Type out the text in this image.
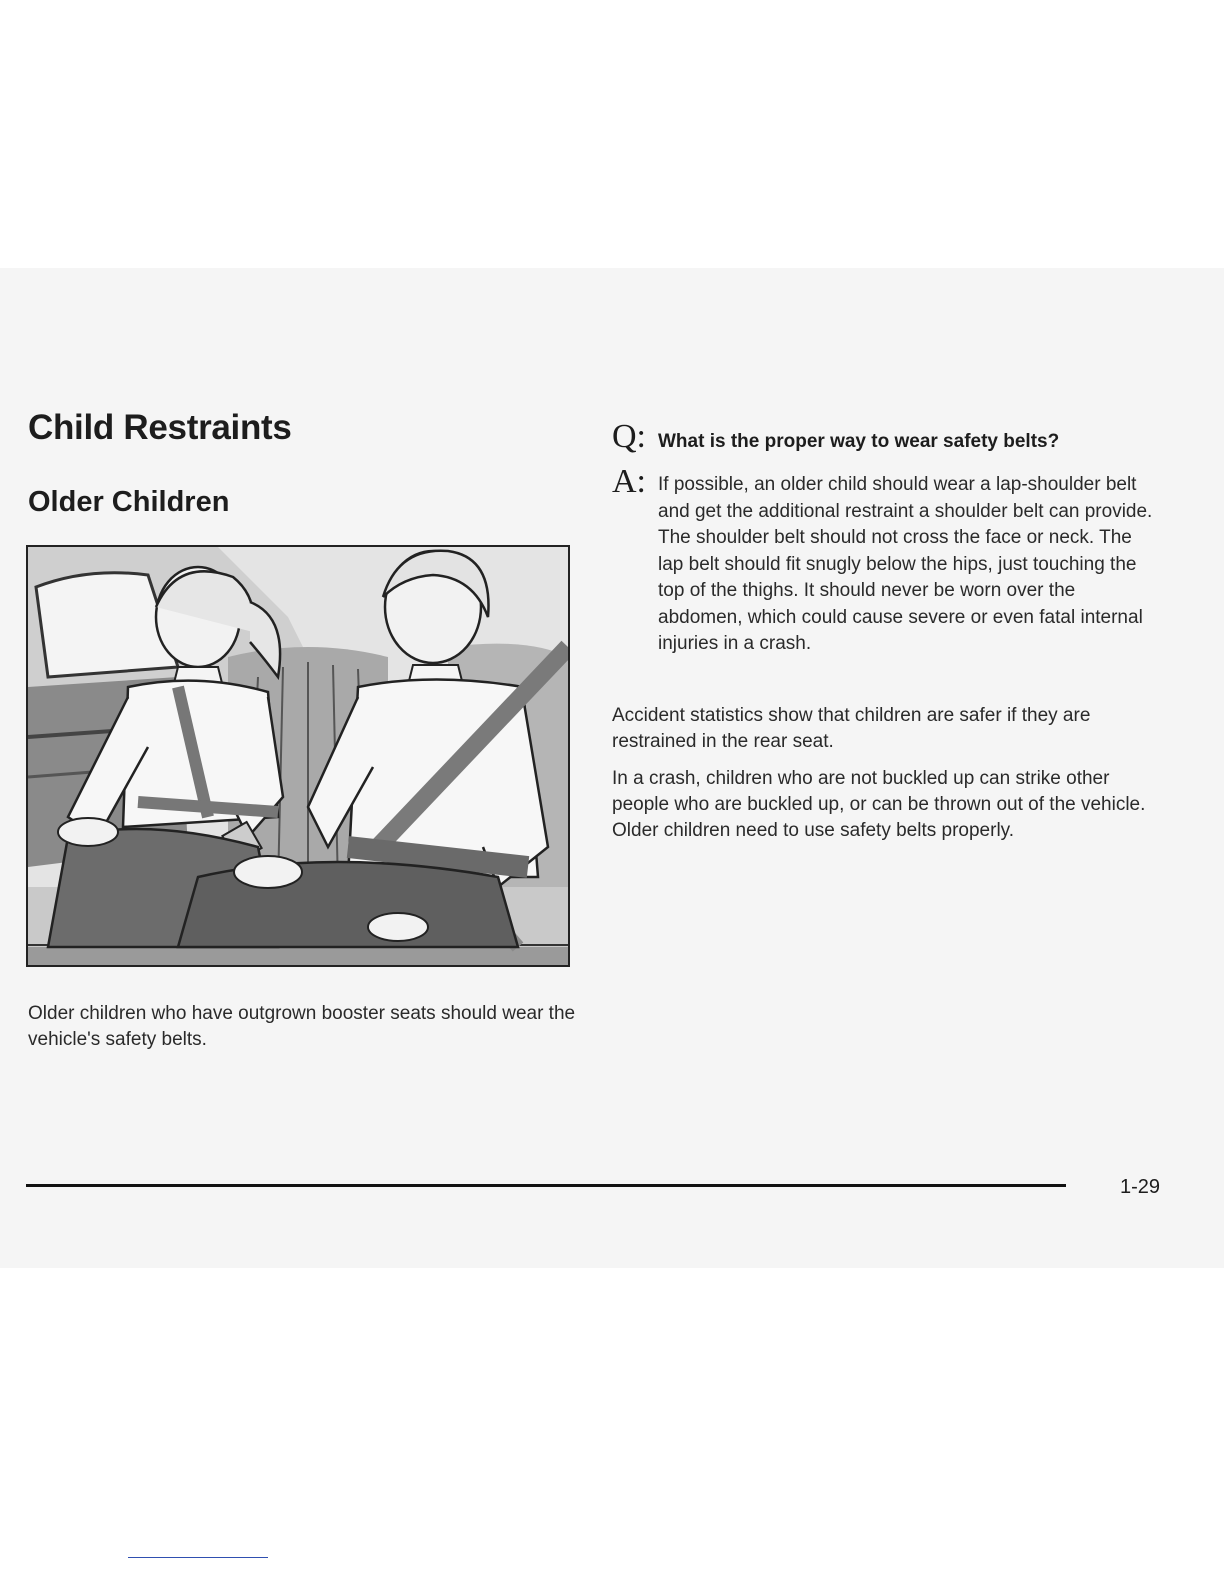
Child Restraints
Older Children

Older children who have outgrown booster seats should wear the vehicle's safety belts.

Q: What is the proper way to wear safety belts?
A: If possible, an older child should wear a lap-shoulder belt and get the additional restraint a shoulder belt can provide. The shoulder belt should not cross the face or neck. The lap belt should fit snugly below the hips, just touching the top of the thighs. It should never be worn over the abdomen, which could cause severe or even fatal internal injuries in a crash.

Accident statistics show that children are safer if they are restrained in the rear seat.

In a crash, children who are not buckled up can strike other people who are buckled up, or can be thrown out of the vehicle. Older children need to use safety belts properly.

1-29
